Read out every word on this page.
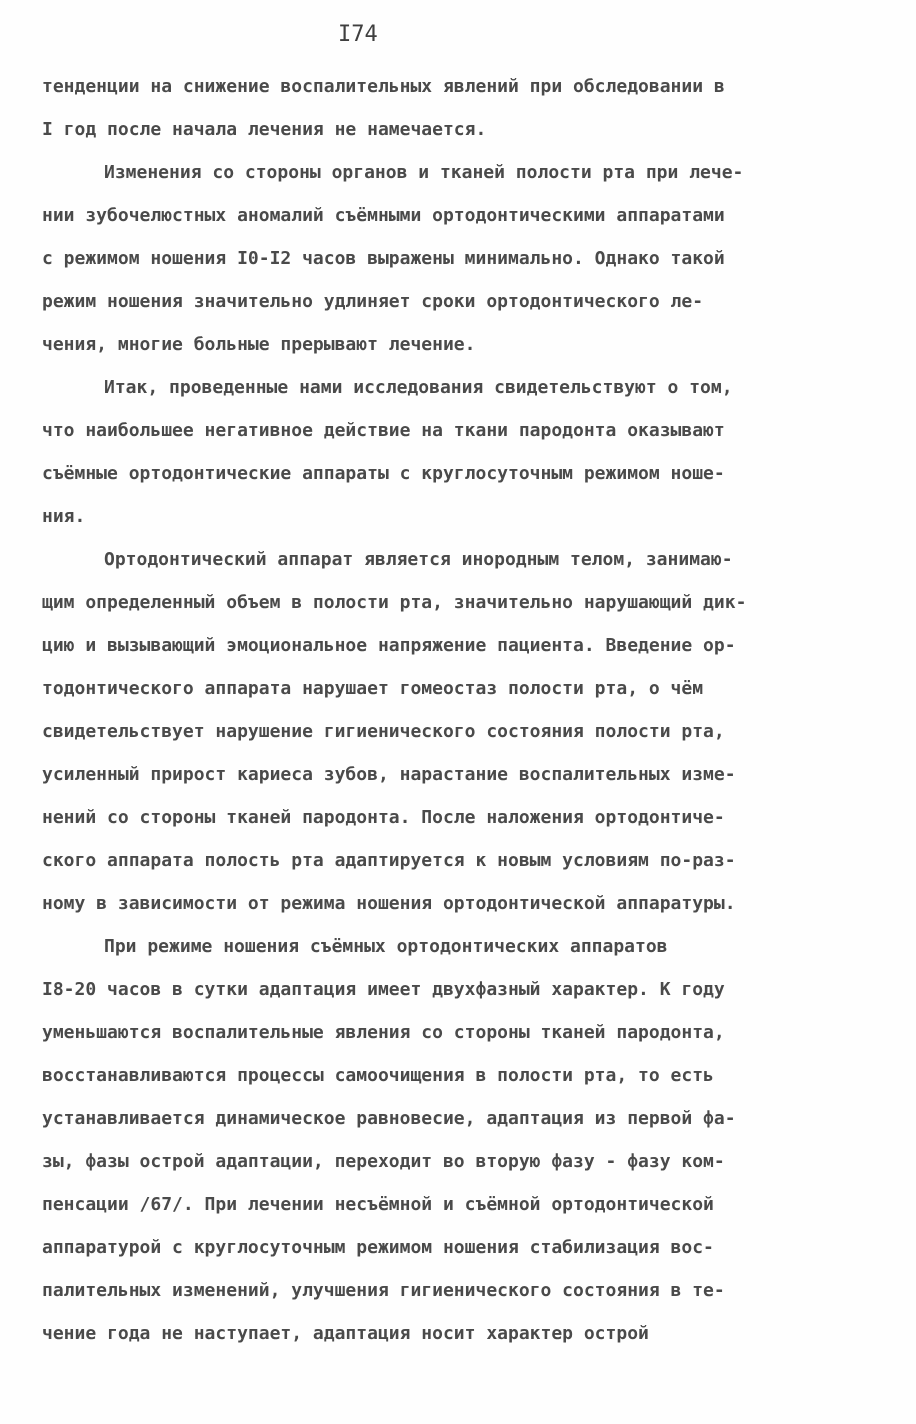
I74
тенденции на снижение воспалительных явлений при обследовании в
I год после начала лечения не намечается.
Изменения со стороны органов и тканей полости рта при лече-
нии зубочелюстных аномалий съёмными ортодонтическими аппаратами
с режимом ношения I0-I2 часов выражены минимально. Однако такой
режим ношения значительно удлиняет сроки ортодонтического ле-
чения, многие больные прерывают лечение.
Итак, проведенные нами исследования свидетельствуют о том,
что наибольшее негативное действие на ткани пародонта оказывают
съёмные ортодонтические аппараты с круглосуточным режимом ноше-
ния.
Ортодонтический аппарат является инородным телом, занимаю-
щим определенный объем в полости рта, значительно нарушающий дик-
цию и вызывающий эмоциональное напряжение пациента. Введение ор-
тодонтического аппарата нарушает гомеостаз полости рта, о чём
свидетельствует нарушение гигиенического состояния полости рта,
усиленный прирост кариеса зубов, нарастание воспалительных изме-
нений со стороны тканей пародонта. После наложения ортодонтиче-
ского аппарата полость рта адаптируется к новым условиям по-раз-
ному в зависимости от режима ношения ортодонтической аппаратуры.
При режиме ношения съёмных ортодонтических аппаратов
I8-20 часов в сутки адаптация имеет двухфазный характер. К году
уменьшаются воспалительные явления со стороны тканей пародонта,
восстанавливаются процессы самоочищения в полости рта, то есть
устанавливается динамическое равновесие, адаптация из первой фа-
зы, фазы острой адаптации, переходит во вторую фазу - фазу ком-
пенсации /67/. При лечении несъёмной и съёмной ортодонтической
аппаратурой с круглосуточным режимом ношения стабилизация вос-
палительных изменений, улучшения гигиенического состояния в те-
чение года не наступает, адаптация носит характер острой
